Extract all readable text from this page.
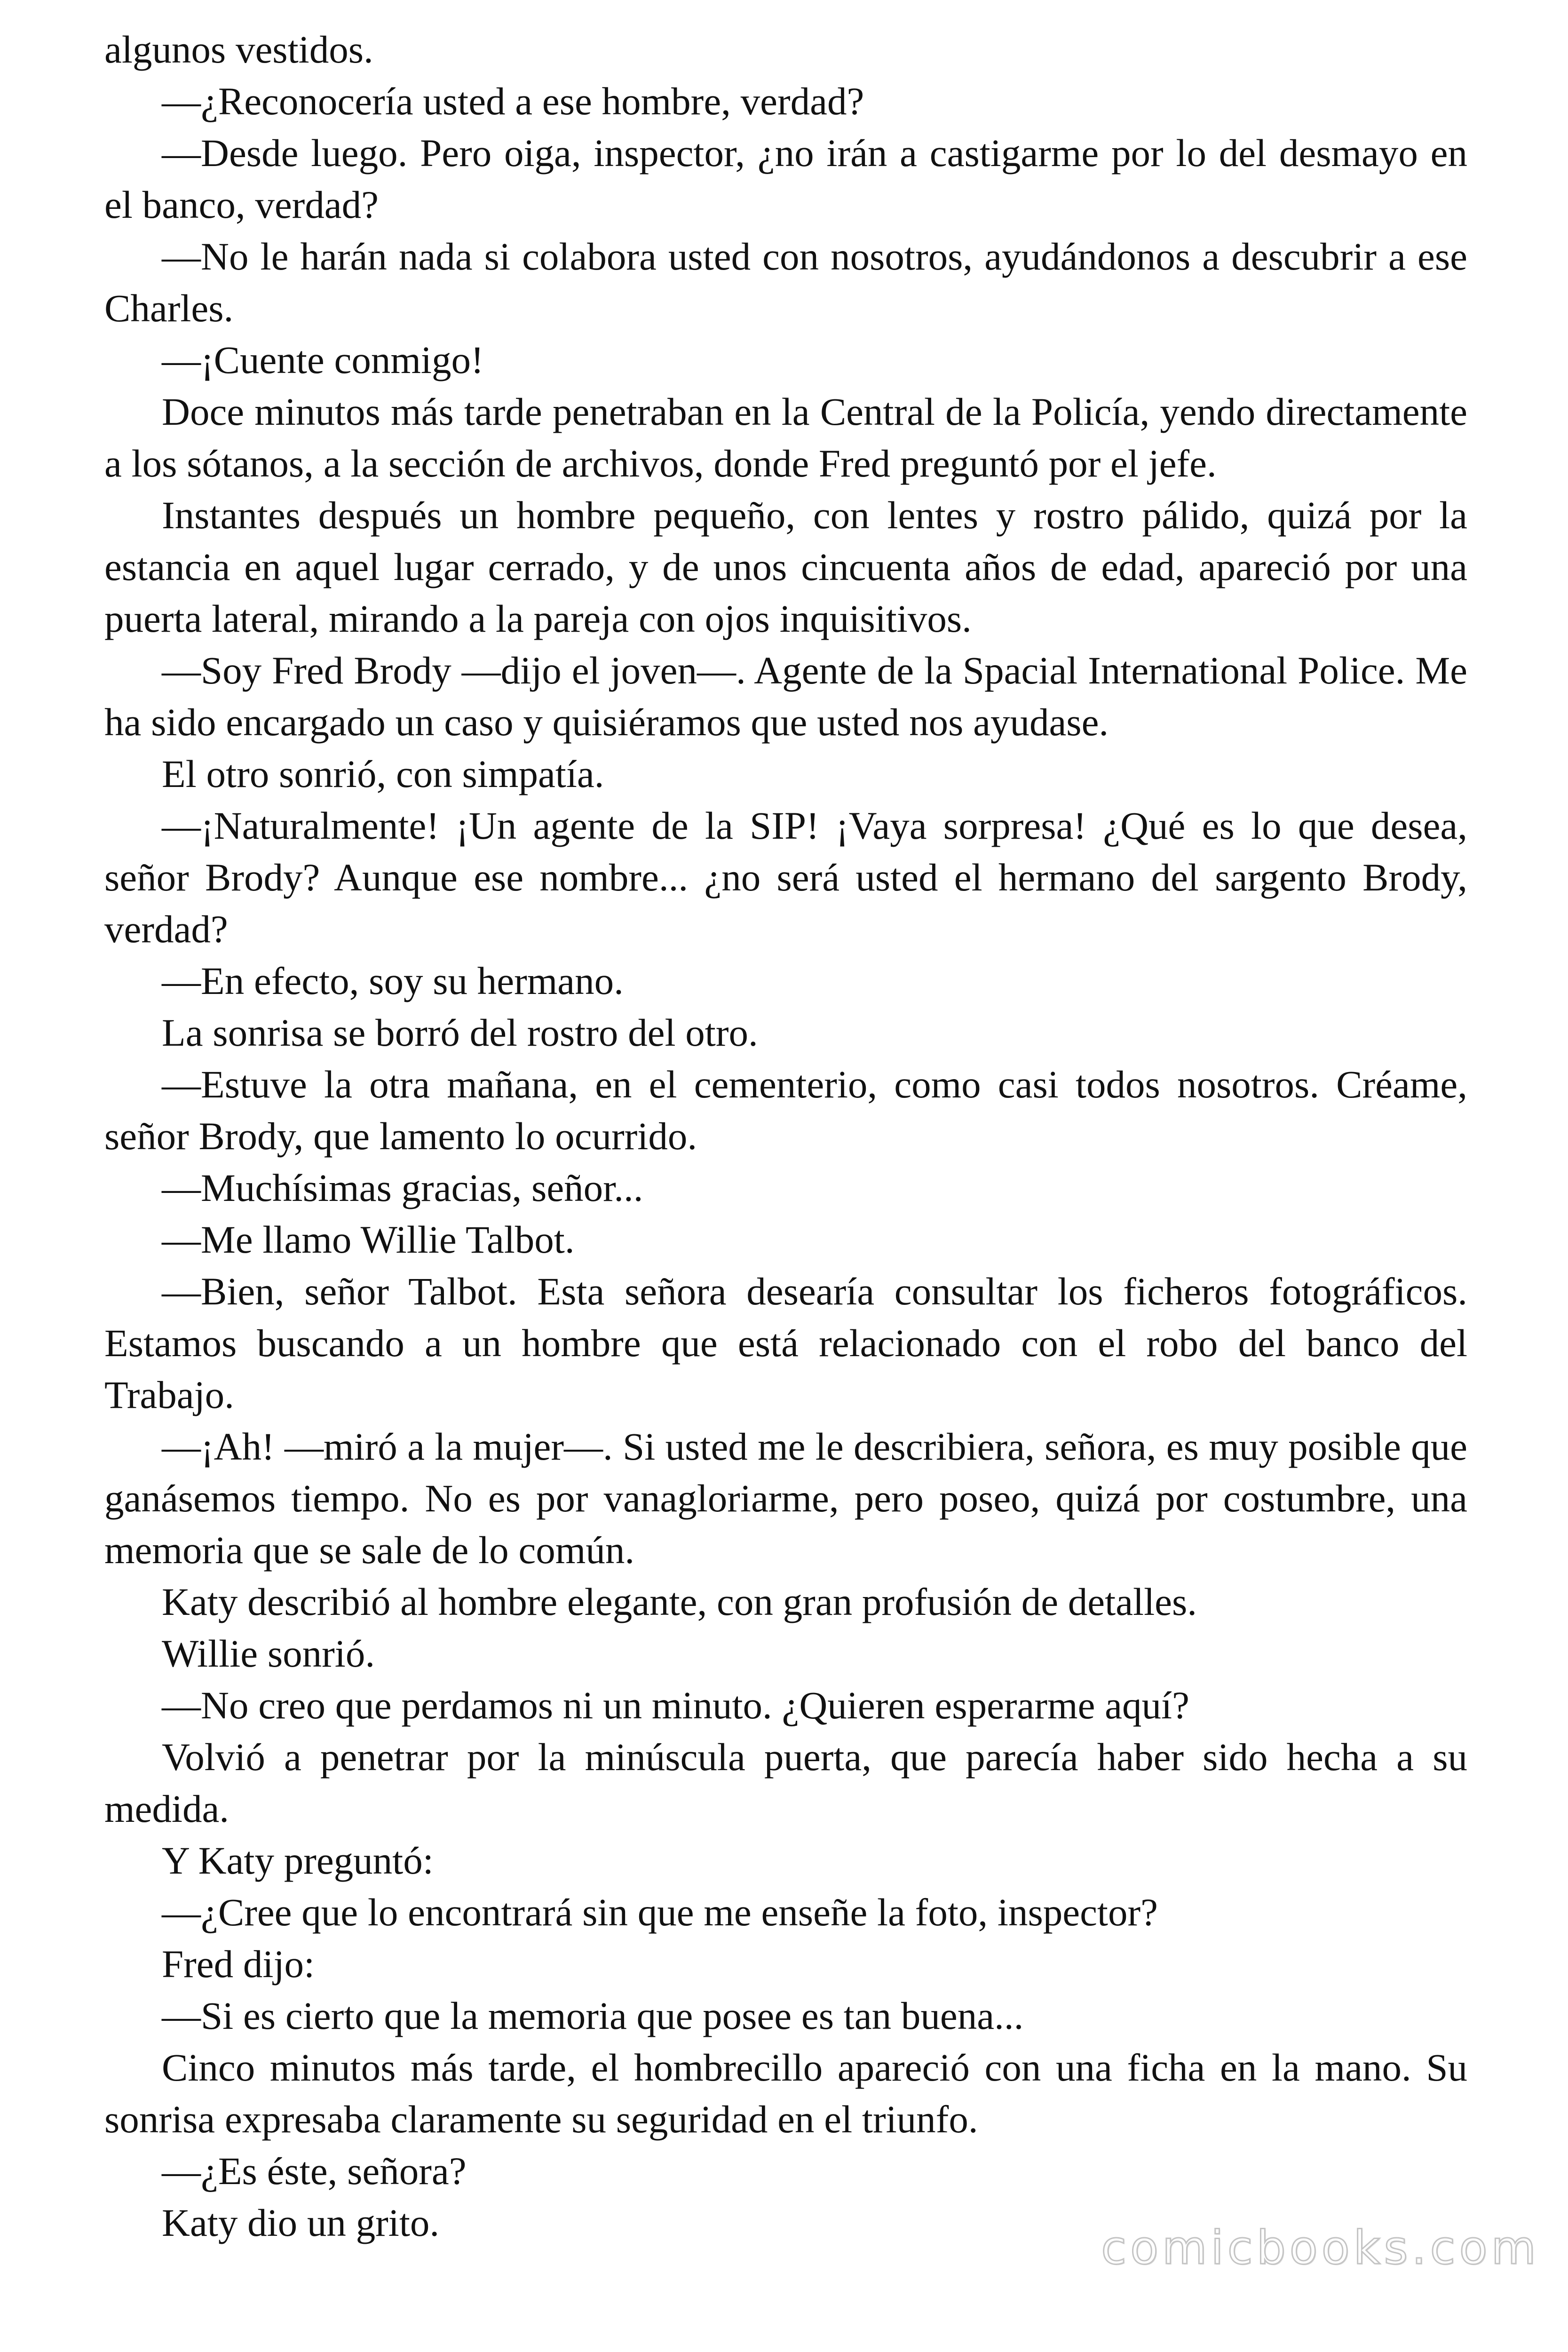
algunos vestidos.

—¿Reconocería usted a ese hombre, verdad?

—Desde luego. Pero oiga, inspector, ¿no irán a castigarme por lo del desmayo en el banco, verdad?

—No le harán nada si colabora usted con nosotros, ayudándonos a descubrir a ese Charles.

—¡Cuente conmigo!

Doce minutos más tarde penetraban en la Central de la Policía, yendo directamente a los sótanos, a la sección de archivos, donde Fred preguntó por el jefe.

Instantes después un hombre pequeño, con lentes y rostro pálido, quizá por la estancia en aquel lugar cerrado, y de unos cincuenta años de edad, apareció por una puerta lateral, mirando a la pareja con ojos inquisitivos.

—Soy Fred Brody —dijo el joven—. Agente de la Spacial International Police. Me ha sido encargado un caso y quisiéramos que usted nos ayudase.

El otro sonrió, con simpatía.

—¡Naturalmente! ¡Un agente de la SIP! ¡Vaya sorpresa! ¿Qué es lo que desea, señor Brody? Aunque ese nombre... ¿no será usted el hermano del sargento Brody, verdad?

—En efecto, soy su hermano.

La sonrisa se borró del rostro del otro.

—Estuve la otra mañana, en el cementerio, como casi todos nosotros. Créame, señor Brody, que lamento lo ocurrido.

—Muchísimas gracias, señor...

—Me llamo Willie Talbot.

—Bien, señor Talbot. Esta señora desearía consultar los ficheros fotográficos. Estamos buscando a un hombre que está relacionado con el robo del banco del Trabajo.

—¡Ah! —miró a la mujer—. Si usted me le describiera, señora, es muy posible que ganásemos tiempo. No es por vanagloriarme, pero poseo, quizá por costumbre, una memoria que se sale de lo común.

Katy describió al hombre elegante, con gran profusión de detalles.

Willie sonrió.

—No creo que perdamos ni un minuto. ¿Quieren esperarme aquí?

Volvió a penetrar por la minúscula puerta, que parecía haber sido hecha a su medida.

Y Katy preguntó:

—¿Cree que lo encontrará sin que me enseñe la foto, inspector?

Fred dijo:

—Si es cierto que la memoria que posee es tan buena...

Cinco minutos más tarde, el hombrecillo apareció con una ficha en la mano. Su sonrisa expresaba claramente su seguridad en el triunfo.

—¿Es éste, señora?

Katy dio un grito.	comicbooks.com
